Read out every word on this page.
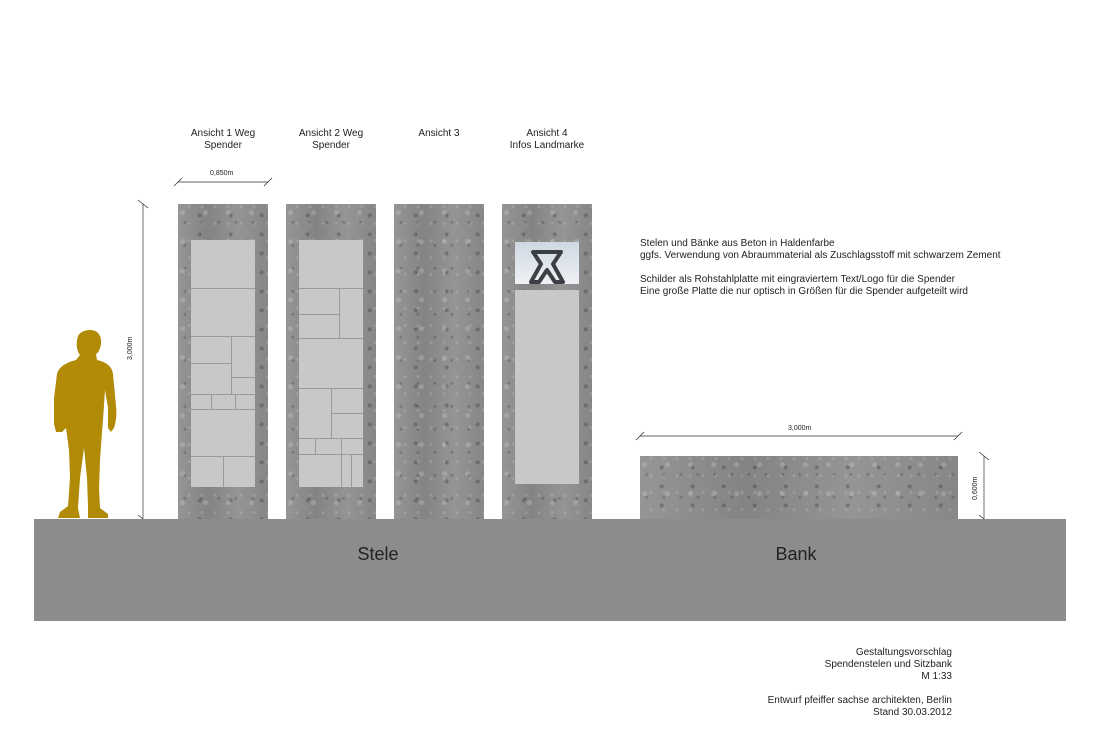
Ansicht 1 Weg
Spender
Ansicht 2 Weg
Spender
Ansicht 3	Ansicht 4
Infos Landmarke
0,850m
3,000m
3,000m
0,600m
Stelen und Bänke aus Beton in Haldenfarbe
ggfs. Verwendung von Abraummaterial als Zuschlagsstoff mit schwarzem Zement
Schilder als Rohstahlplatte mit eingraviertem Text/Logo für die Spender
Eine große Platte die nur optisch in Größen für die Spender aufgeteilt wird
Stele	Bank
Gestaltungsvorschlag
Spendenstelen und Sitzbank
M 1:33
Entwurf pfeiffer sachse architekten, Berlin
Stand 30.03.2012
